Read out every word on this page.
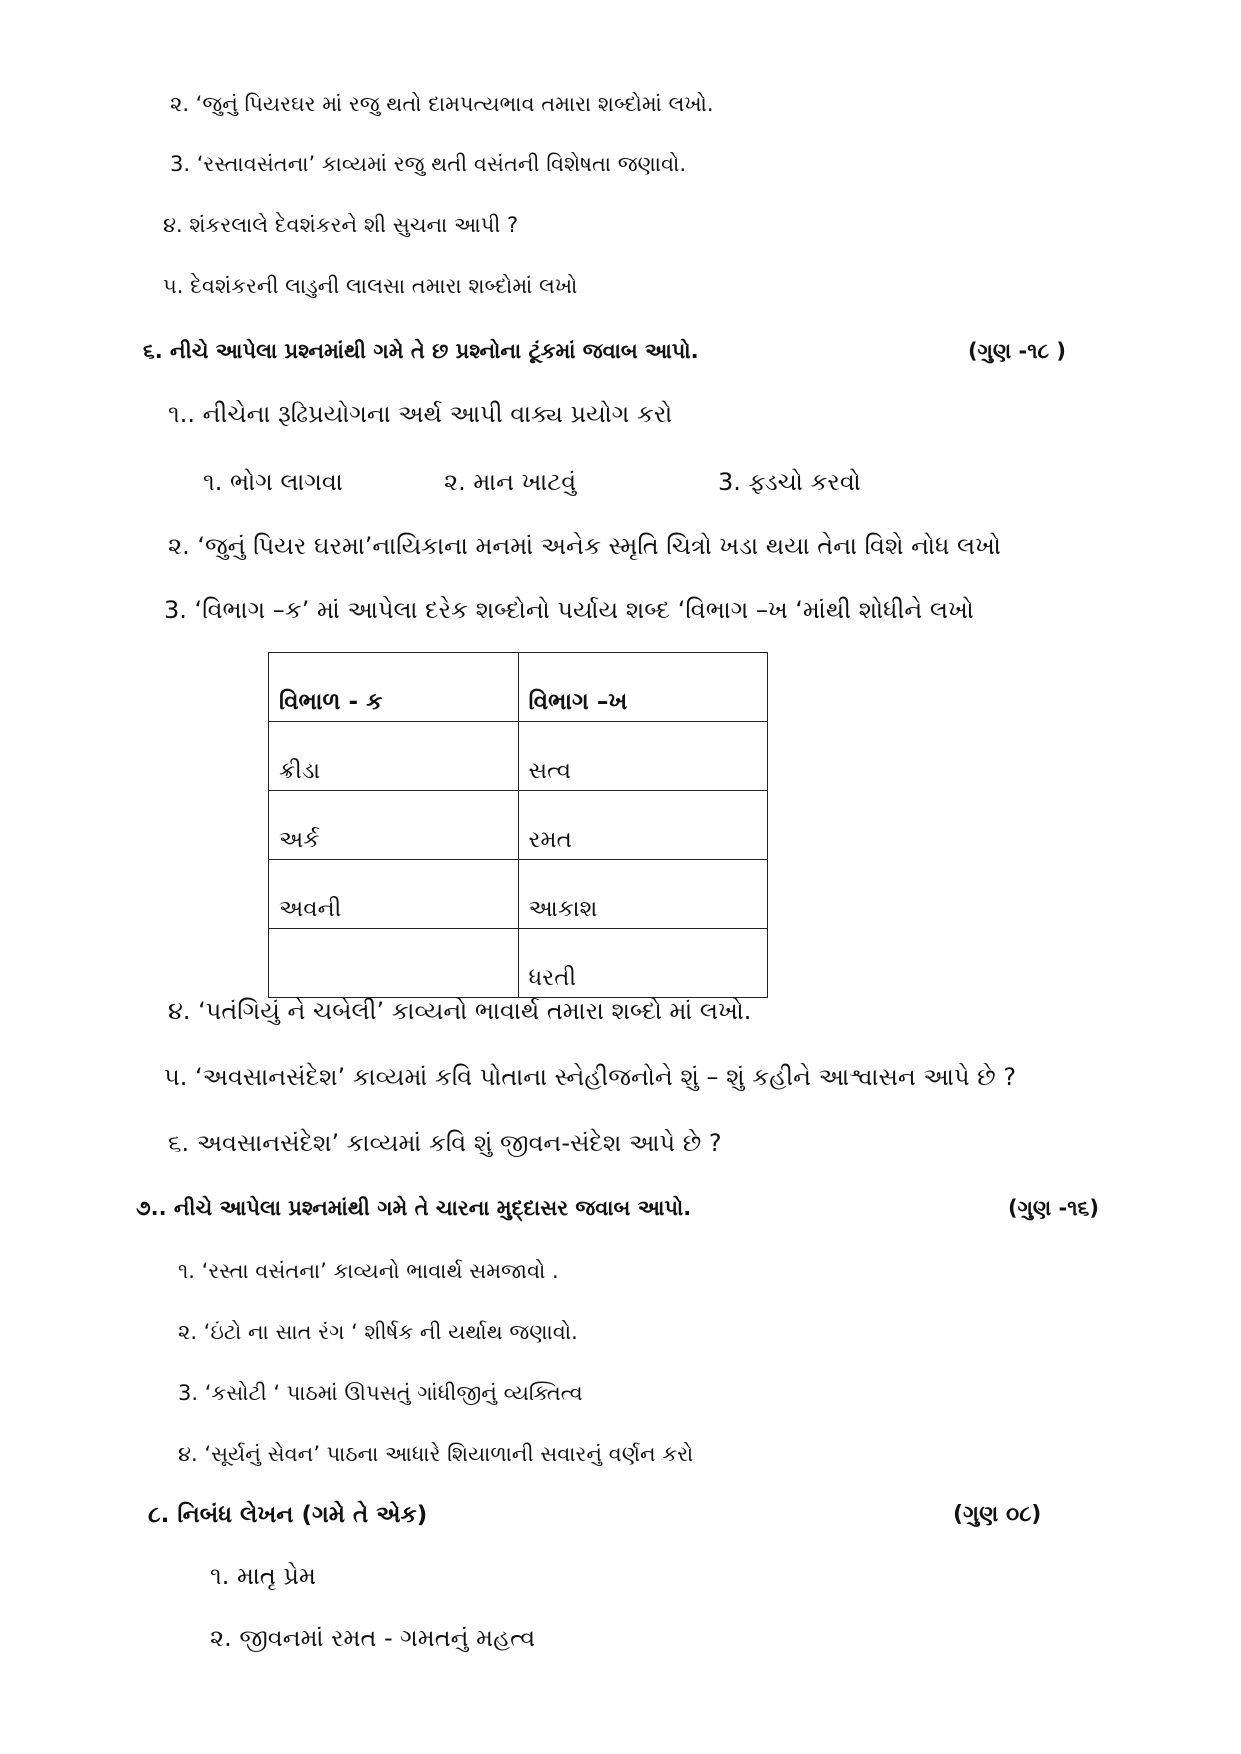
૨. ‘જુનું પિયરઘર માં રજુ થતો દામપત્યભાવ તમારા શબ્દોમાં લખો.
3. ‘રસ્તાવસંતના’ કાવ્યમાં રજુ થતી વસંતની વિશેષતા જણાવો.
૪. શંકરલાલે દેવશંકરને શી સુચના આપી ?
૫. દેવશંકરની લાડુની લાલસા તમારા શબ્દોમાં લખો
૬. નીચે આપેલા પ્રશ્નમાંથી ગમે તે છ પ્રશ્નોના ટૂંકમાં જવાબ આપો.	(ગુણ -૧૮ )
૧.. નીચેના રૂઢિપ્રયોગના અર્થ આપી વાક્ય પ્રયોગ કરો
૧. ભોગ લાગવા	૨. માન ખાટવું	3. ફ્ડચો કરવો
૨. ‘જુનું પિયર ઘરમા’નાયિકાના મનમાં અનેક સ્મૃતિ ચિત્રો ખડા થયા તેના વિશે નોધ લખો
3. ‘વિભાગ –ક’ માં આપેલા દરેક શબ્દોનો પર્યાય શબ્દ ‘વિભાગ –ખ ‘માંથી શોધીને લખો
વિભાળ - ક	વિભાગ –ખ
ક્રીડા	સત્વ
અર્ક	રમત
અવની	આકાશ
	ધરતી
૪. ‘પતંગિયું ને ચબેલી’ કાવ્યનો ભાવાર્થ તમારા શબ્દો માં લખો.
૫. ‘અવસાનસંદેશ’ કાવ્યમાં કવિ પોતાના સ્નેહીજનોને શું – શું કહીને આશ્વાસન આપે છે ?
૬. અવસાનસંદેશ’ કાવ્યમાં કવિ શું જીવન-સંદેશ આપે છે ?
૭.. નીચે આપેલા પ્રશ્નમાંથી ગમે તે ચારના મુદ્દાસર જવાબ આપો.	(ગુણ -૧૬)
૧. ‘રસ્તા વસંતના’ કાવ્યનો ભાવાર્થ સમજાવો .
૨. ‘ઇંટો ના સાત રંગ ‘ શીર્ષક ની યર્થાથ જણાવો.
3. ‘કસોટી ‘ પાઠમાં ઊપસતું ગાંધીજીનું વ્યક્તિત્વ
૪. ‘સૂર્યનું સેવન’ પાઠના આધારે શિયાળાની સવારનું વર્ણન કરો
૮. નિબંધ લેખન (ગમે તે એક)	(ગુણ ૦૮)
૧. માતૃ પ્રેમ
૨. જીવનમાં રમત - ગમતનું મહત્વ
